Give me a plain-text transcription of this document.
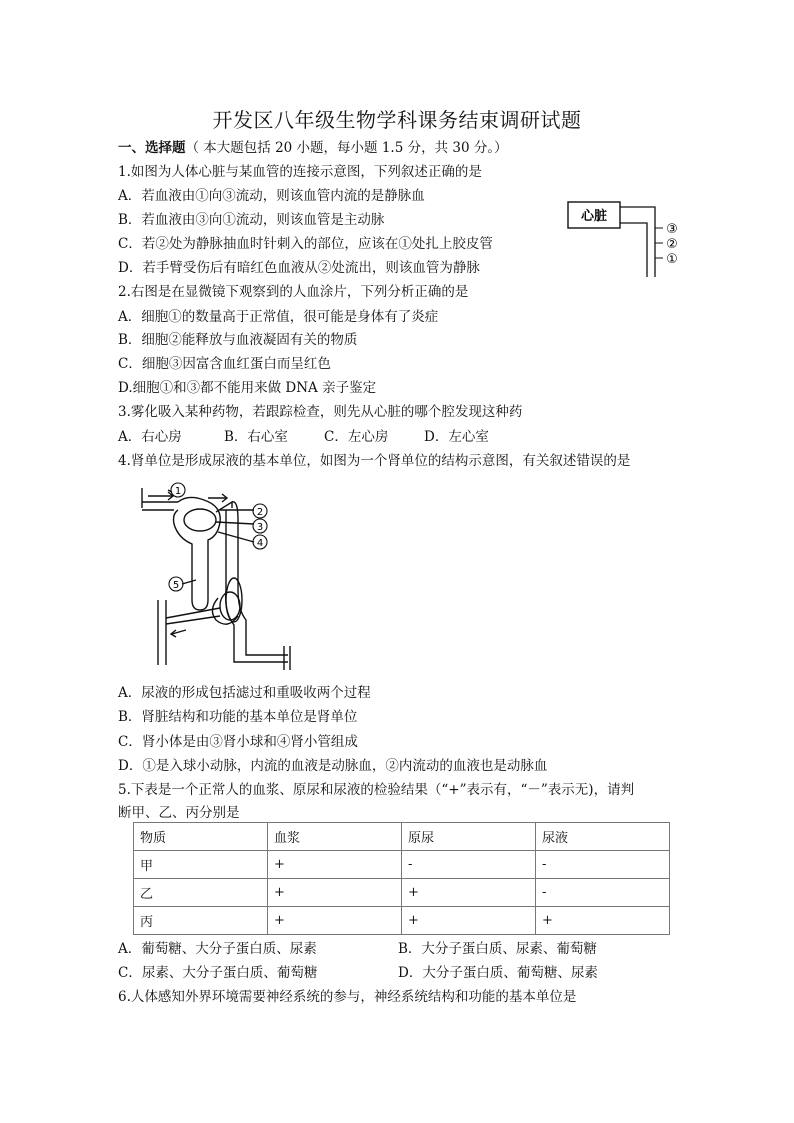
开发区八年级生物学科课务结束调研试题
一、选择题（ 本大题包括 20 小题，每小题 1.5 分，共 30 分。）
1.如图为人体心脏与某血管的连接示意图，下列叙述正确的是
A．若血液由①向③流动，则该血管内流的是静脉血
B．若血液由③向①流动，则该血管是主动脉
C．若②处为静脉抽血时针刺入的部位，应该在①处扎上胶皮管
D．若手臂受伤后有暗红色血液从②处流出，则该血管为静脉
心脏
③
②
①
2.右图是在显微镜下观察到的人血涂片，下列分析正确的是
A．细胞①的数量高于正常值，很可能是身体有了炎症
B．细胞②能释放与血液凝固有关的物质
C．细胞③因富含血红蛋白而呈红色
D.细胞①和③都不能用来做 DNA 亲子鉴定
3.雾化吸入某种药物，若跟踪检查，则先从心脏的哪个腔发现这种药
A．右心房	B．右心室	C．左心房	D．左心室
4.肾单位是形成尿液的基本单位，如图为一个肾单位的结构示意图，有关叙述错误的是
1
2
3
4
5
A．尿液的形成包括滤过和重吸收两个过程
B．肾脏结构和功能的基本单位是肾单位
C．肾小体是由③肾小球和④肾小管组成
D．①是入球小动脉，内流的血液是动脉血，②内流动的血液也是动脉血
5.下表是一个正常人的血浆、原尿和尿液的检验结果（“+”表示有，“－”表示无)，请判
断甲、乙、丙分别是
物质	血浆	原尿	尿液
甲	+	-	-
乙	+	+	-
丙	+	+	+
A．葡萄糖、大分子蛋白质、尿素	B．大分子蛋白质、尿素、葡萄糖
C．尿素、大分子蛋白质、葡萄糖	D．大分子蛋白质、葡萄糖、尿素
6.人体感知外界环境需要神经系统的参与，神经系统结构和功能的基本单位是
